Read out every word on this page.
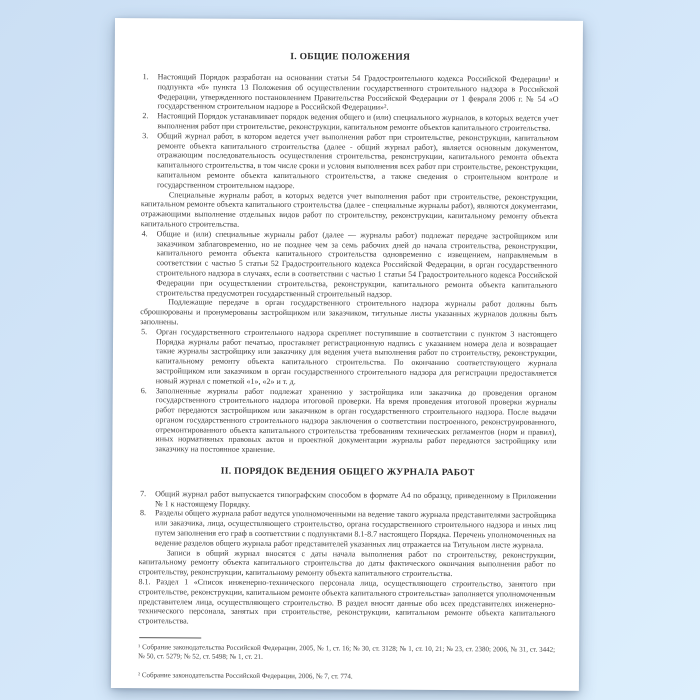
I. ОБЩИЕ ПОЛОЖЕНИЯ
1. Настоящий Порядок разработан на основании статьи 54 Градостроительного кодекса Российской Федерации¹ и подпункта «б» пункта 13 Положения об осуществлении государственного строительного надзора в Российской Федерации, утвержденного постановлением Правительства Российской Федерации от 1 февраля 2006 г. № 54 «О государственном строительном надзоре в Российской Федерации»².

2. Настоящий Порядок устанавливает порядок ведения общего и (или) специального журналов, в которых ведется учет выполнения работ при строительстве, реконструкции, капитальном ремонте объектов капитального строительства.

3. Общий журнал работ, в котором ведется учет выполнения работ при строительстве, реконструкции, капитальном ремонте объекта капитального строительства (далее - общий журнал работ), является основным документом, отражающим последовательность осуществления строительства, реконструкции, капитального ремонта объекта капитального строительства, в том числе сроки и условия выполнения всех работ при строительстве, реконструкции, капитальном ремонте объекта капитального строительства, а также сведения о строительном контроле и государственном строительном надзоре.

Специальные журналы работ, в которых ведется учет выполнения работ при строительстве, реконструкции, капитальном ремонте объекта капитального строительства (далее - специальные журналы работ), являются документами, отражающими выполнение отдельных видов работ по строительству, реконструкции, капитальному ремонту объекта капитального строительства.

4. Общие и (или) специальные журналы работ (далее — журналы работ) подлежат передаче застройщиком или заказчиком заблаговременно, но не позднее чем за семь рабочих дней до начала строительства, реконструкции, капитального ремонта объекта капитального строительства одновременно с извещением, направляемым в соответствии с частью 5 статьи 52 Градостроительного кодекса Российской Федерации, в орган государственного строительного надзора в случаях, если в соответствии с частью 1 статьи 54 Градостроительного кодекса Российской Федерации при осуществлении строительства, реконструкции, капитального ремонта объекта капитального строительства предусмотрен государственный строительный надзор.

Подлежащие передаче в орган государственного строительного надзора журналы работ должны быть сброшюрованы и пронумерованы застройщиком или заказчиком, титульные листы указанных журналов должны быть заполнены.

5. Орган государственного строительного надзора скрепляет поступившие в соответствии с пунктом 3 настоящего Порядка журналы работ печатью, проставляет регистрационную надпись с указанием номера дела и возвращает такие журналы застройщику или заказчику для ведения учета выполнения работ по строительству, реконструкции, капитальному ремонту объекта капитального строительства. По окончанию соответствующего журнала застройщиком или заказчиком в орган государственного строительного надзора для регистрации предоставляется новый журнал с пометкой «1», «2» и т. д.

6. Заполненные журналы работ подлежат хранению у застройщика или заказчика до проведения органом государственного строительного надзора итоговой проверки. На время проведения итоговой проверки журналы работ передаются застройщиком или заказчиком в орган государственного строительного надзора. После выдачи органом государственного строительного надзора заключения о соответствии построенного, реконструированного, отремонтированного объекта капитального строительства требованиям технических регламентов (норм и правил), иных нормативных правовых актов и проектной документации журналы работ передаются застройщику или заказчику на постоянное хранение.

II. ПОРЯДОК ВЕДЕНИЯ ОБЩЕГО ЖУРНАЛА РАБОТ
7. Общий журнал работ выпускается типографским способом в формате А4 по образцу, приведенному в Приложении № 1 к настоящему Порядку.

8. Разделы общего журнала работ ведутся уполномоченными на ведение такого журнала представителями застройщика или заказчика, лица, осуществляющего строительство, органа государственного строительного надзора и иных лиц путем заполнения его граф в соответствии с подпунктами 8.1-8.7 настоящего Порядка. Перечень уполномоченных на ведение разделов общего журнала работ представителей указанных лиц отражается на Титульном листе журнала.

Записи в общий журнал вносятся с даты начала выполнения работ по строительству, реконструкции, капитальному ремонту объекта капитального строительства до даты фактического окончания выполнения работ по строительству, реконструкции, капитальному ремонту объекта капитального строительства.

8.1. Раздел 1 «Список инженерно-технического персонала лица, осуществляющего строительство, занятого при строительстве, реконструкции, капитальном ремонте объекта капитального строительства» заполняется уполномоченным представителем лица, осуществляющего строительство. В раздел вносят данные обо всех представителях инженерно-технического персонала, занятых при строительстве, реконструкции, капитальном ремонте объекта капитального строительства.

¹ Собрание законодательства Российской Федерации, 2005, № 1, ст. 16; № 30, ст. 3128; № 1, ст. 10, 21; № 23, ст. 2380; 2006, № 31, ст. 3442; № 50, ст. 5279; № 52, ст. 5498; № 1, ст. 21.

² Собрание законодательства Российской Федерации, 2006, № 7, ст. 774.
